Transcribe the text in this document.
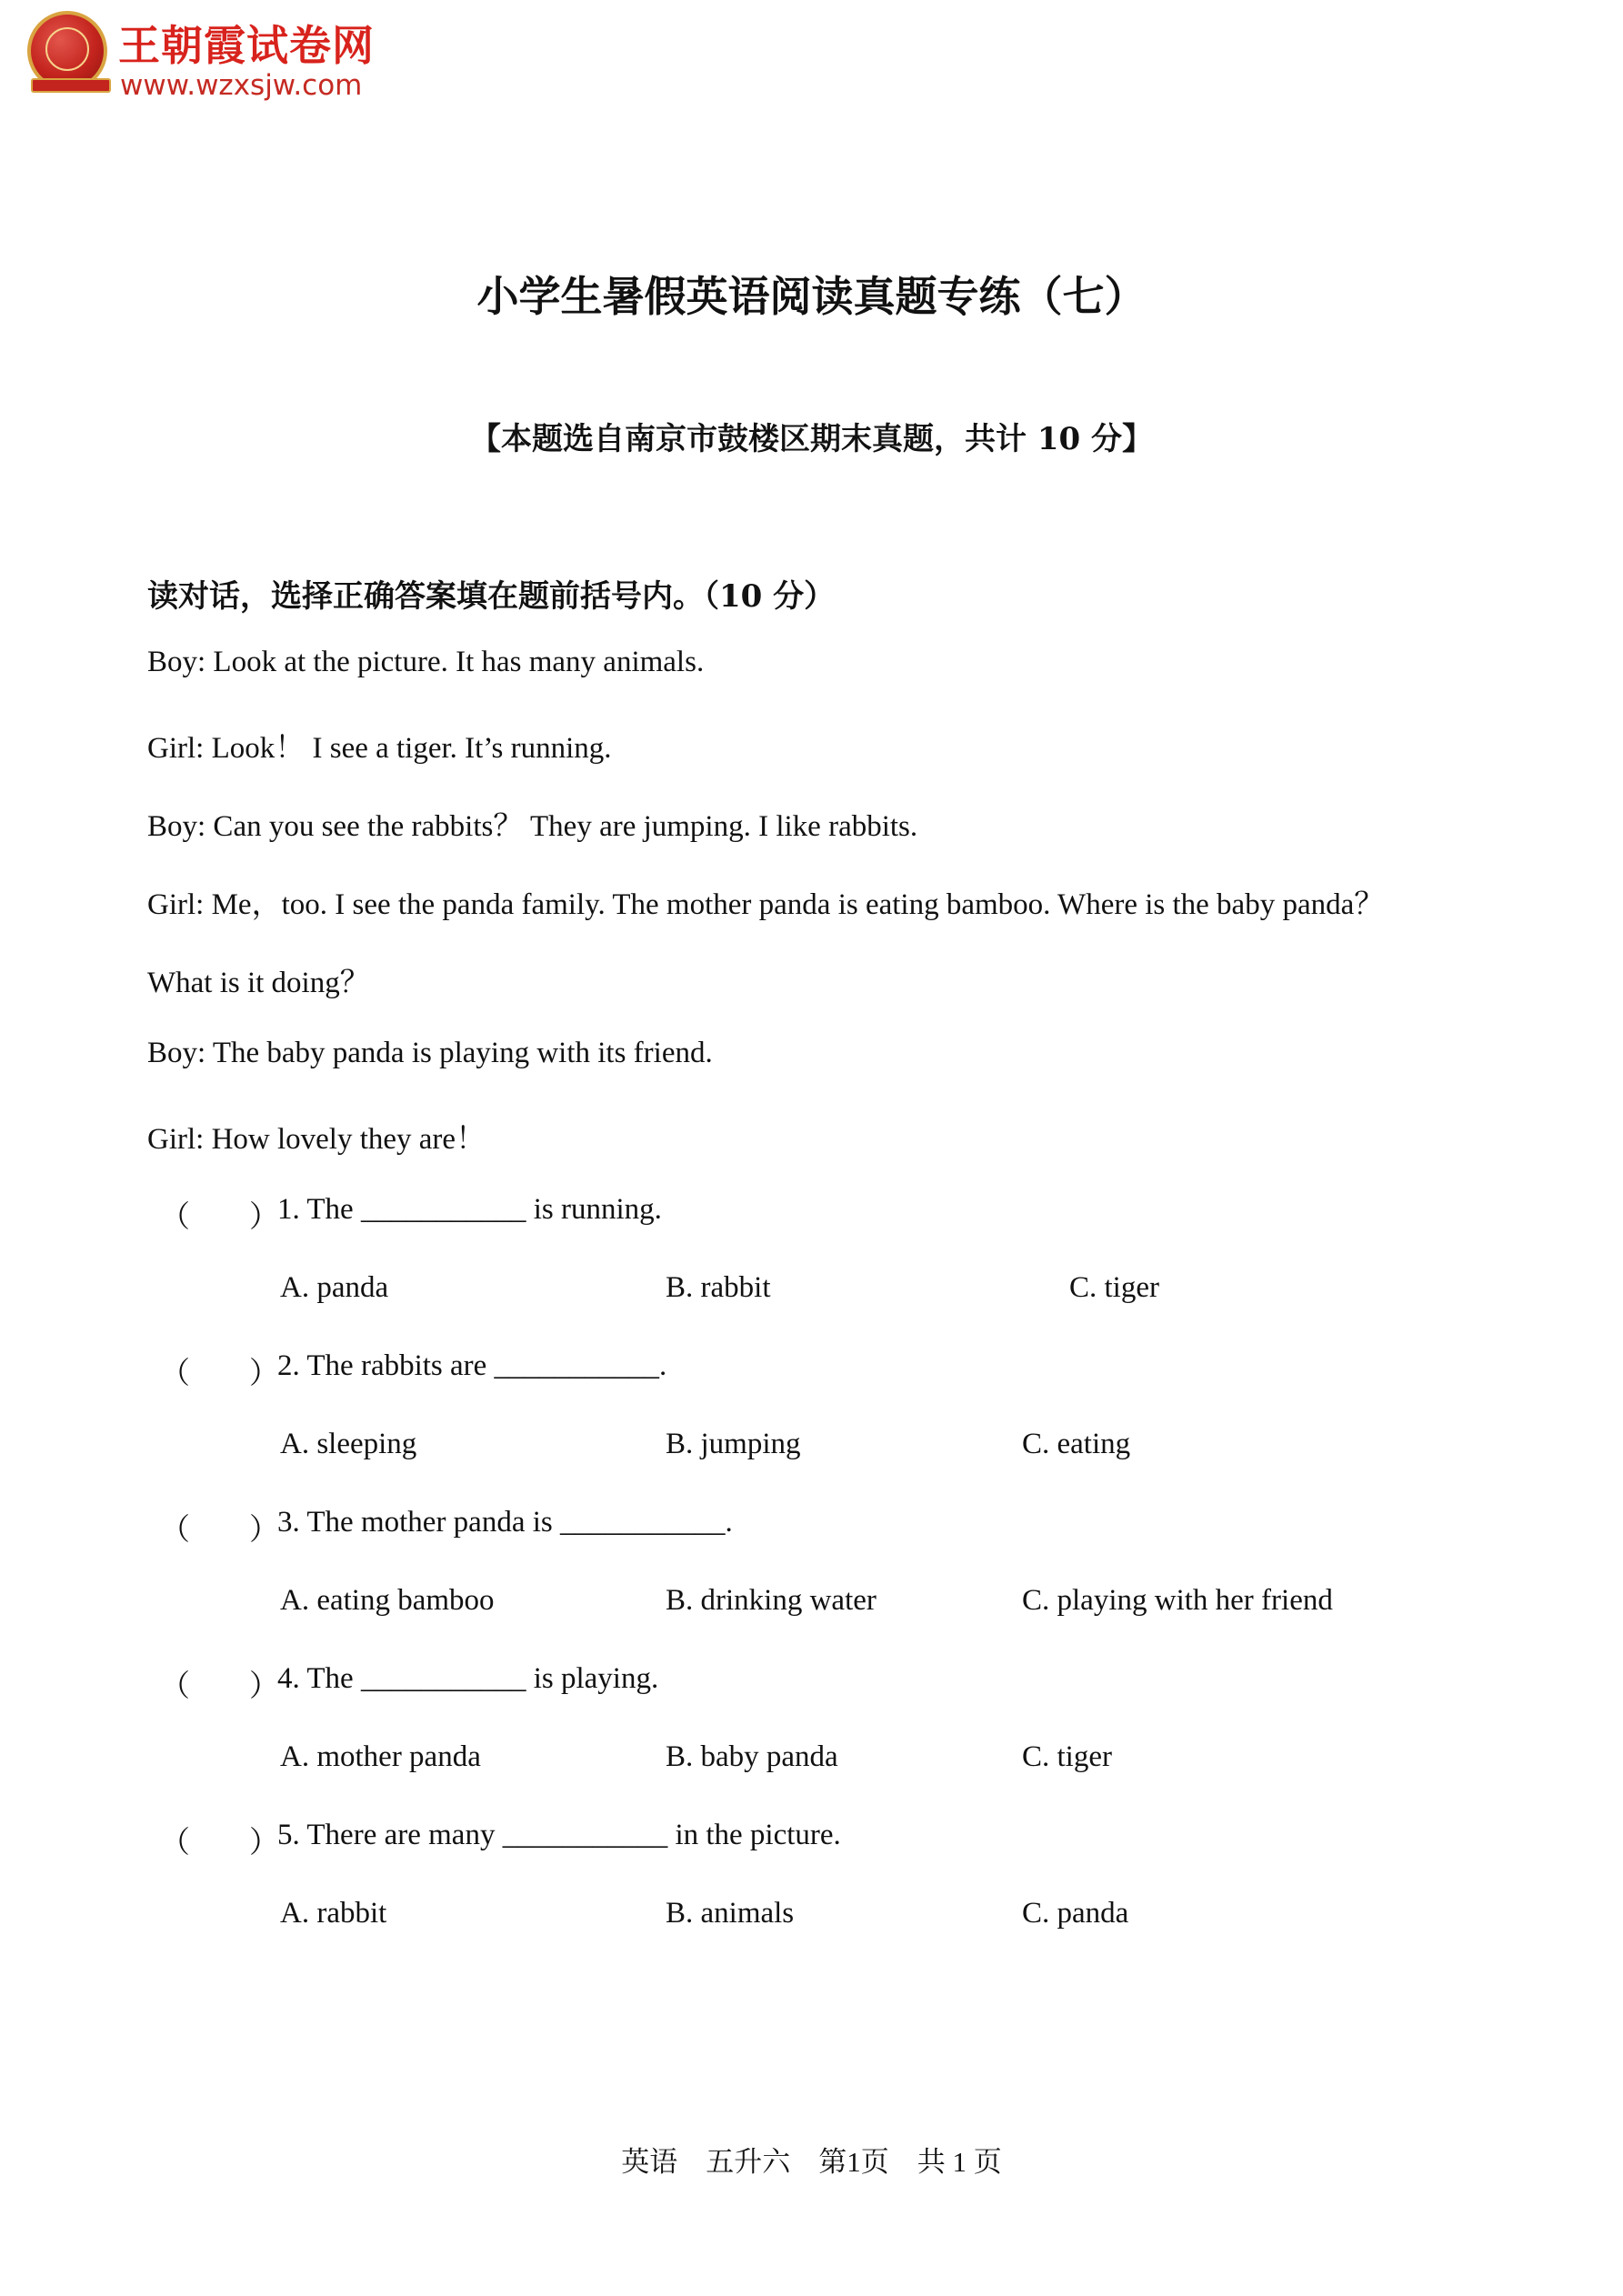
王朝霞试卷网
www.wzxsjw.com
小学生暑假英语阅读真题专练（七）
【本题选自南京市鼓楼区期末真题，共计 10 分】
读对话，选择正确答案填在题前括号内。（10 分）
Boy: Look at the picture. It has many animals.
Girl: Look！ I see a tiger. It’s running.
Boy: Can you see the rabbits？ They are jumping. I like rabbits.
Girl: Me，too. I see the panda family. The mother panda is eating bamboo. Where is the baby panda？
What is it doing？
Boy: The baby panda is playing with its friend.
Girl: How lovely they are！
（ ）
1. The ___________ is running.
A. panda	B. rabbit	C. tiger
（ ）
2. The rabbits are ___________.
A. sleeping	B. jumping	C. eating
（ ）
3. The mother panda is ___________.
A. eating bamboo	B. drinking water	C. playing with her friend
（ ）
4. The ___________ is playing.
A. mother panda	B. baby panda	C. tiger
（ ）
5. There are many ___________ in the picture.
A. rabbit	B. animals	C. panda
英语    五升六    第1页    共 1 页
